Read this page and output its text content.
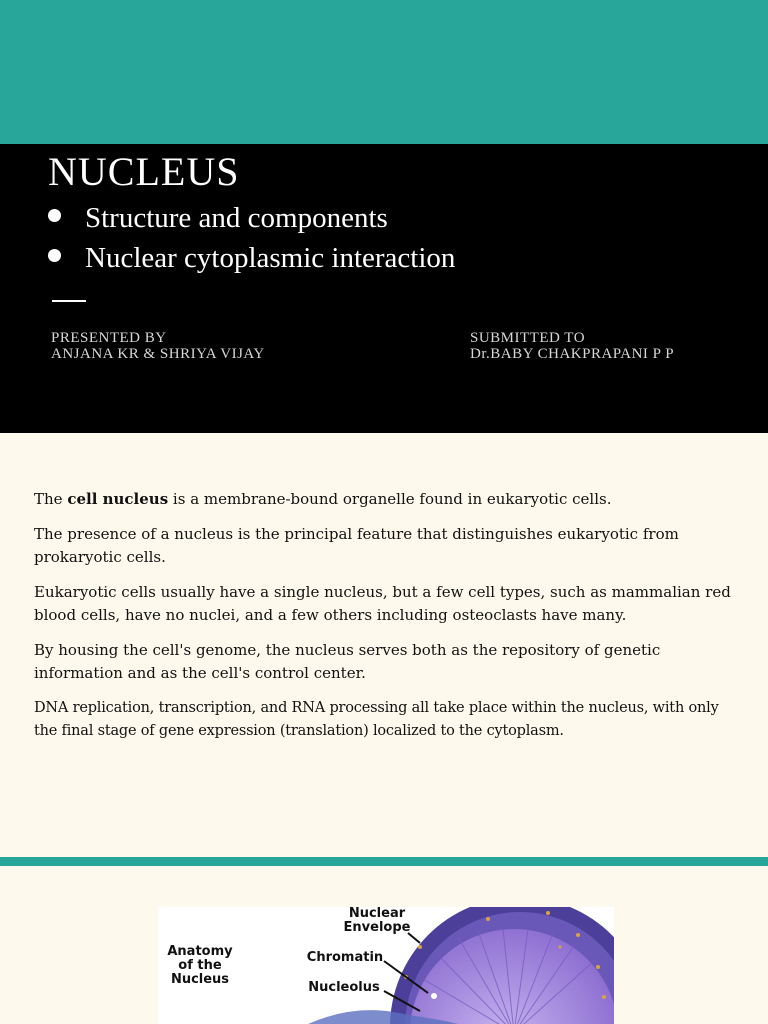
NUCLEUS
Structure and components
Nuclear cytoplasmic interaction
PRESENTED BY
ANJANA KR & SHRIYA VIJAY
SUBMITTED TO
Dr.BABY CHAKPRAPANI P P

The cell nucleus is a membrane-bound organelle found in eukaryotic cells.

The presence of a nucleus is the principal feature that distinguishes eukaryotic from prokaryotic cells.

Eukaryotic cells usually have a single nucleus, but a few cell types, such as mammalian red blood cells, have no nuclei, and a few others including osteoclasts have many.

By housing the cell's genome, the nucleus serves both as the repository of genetic information and as the cell's control center.

DNA replication, transcription, and RNA processing all take place within the nucleus, with only the final stage of gene expression (translation) localized to the cytoplasm.

Anatomy of the Nucleus
Nuclear Envelope
Chromatin
Nucleolus
